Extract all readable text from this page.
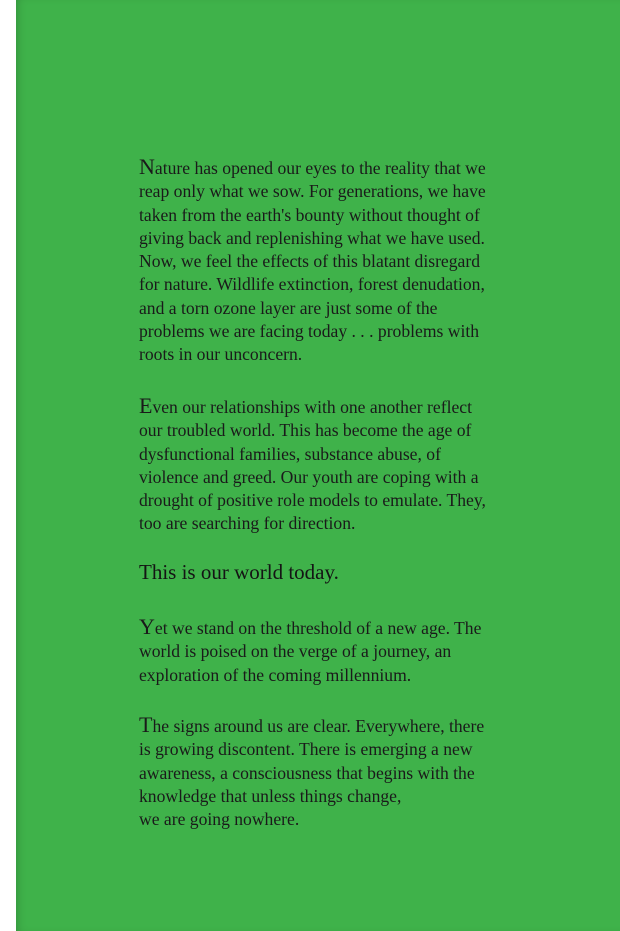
Nature has opened our eyes to the reality that we
reap only what we sow. For generations, we have
taken from the earth's bounty without thought of
giving back and replenishing what we have used.
Now, we feel the effects of this blatant disregard
for nature. Wildlife extinction, forest denudation,
and a torn ozone layer are just some of the
problems we are facing today . . . problems with
roots in our unconcern.

Even our relationships with one another reflect
our troubled world. This has become the age of
dysfunctional families, substance abuse, of
violence and greed. Our youth are coping with a
drought of positive role models to emulate. They,
too are searching for direction.

This is our world today.

Yet we stand on the threshold of a new age. The
world is poised on the verge of a journey, an
exploration of the coming millennium.

The signs around us are clear. Everywhere, there
is growing discontent. There is emerging a new
awareness, a consciousness that begins with the
knowledge that unless things change,
we are going nowhere.
